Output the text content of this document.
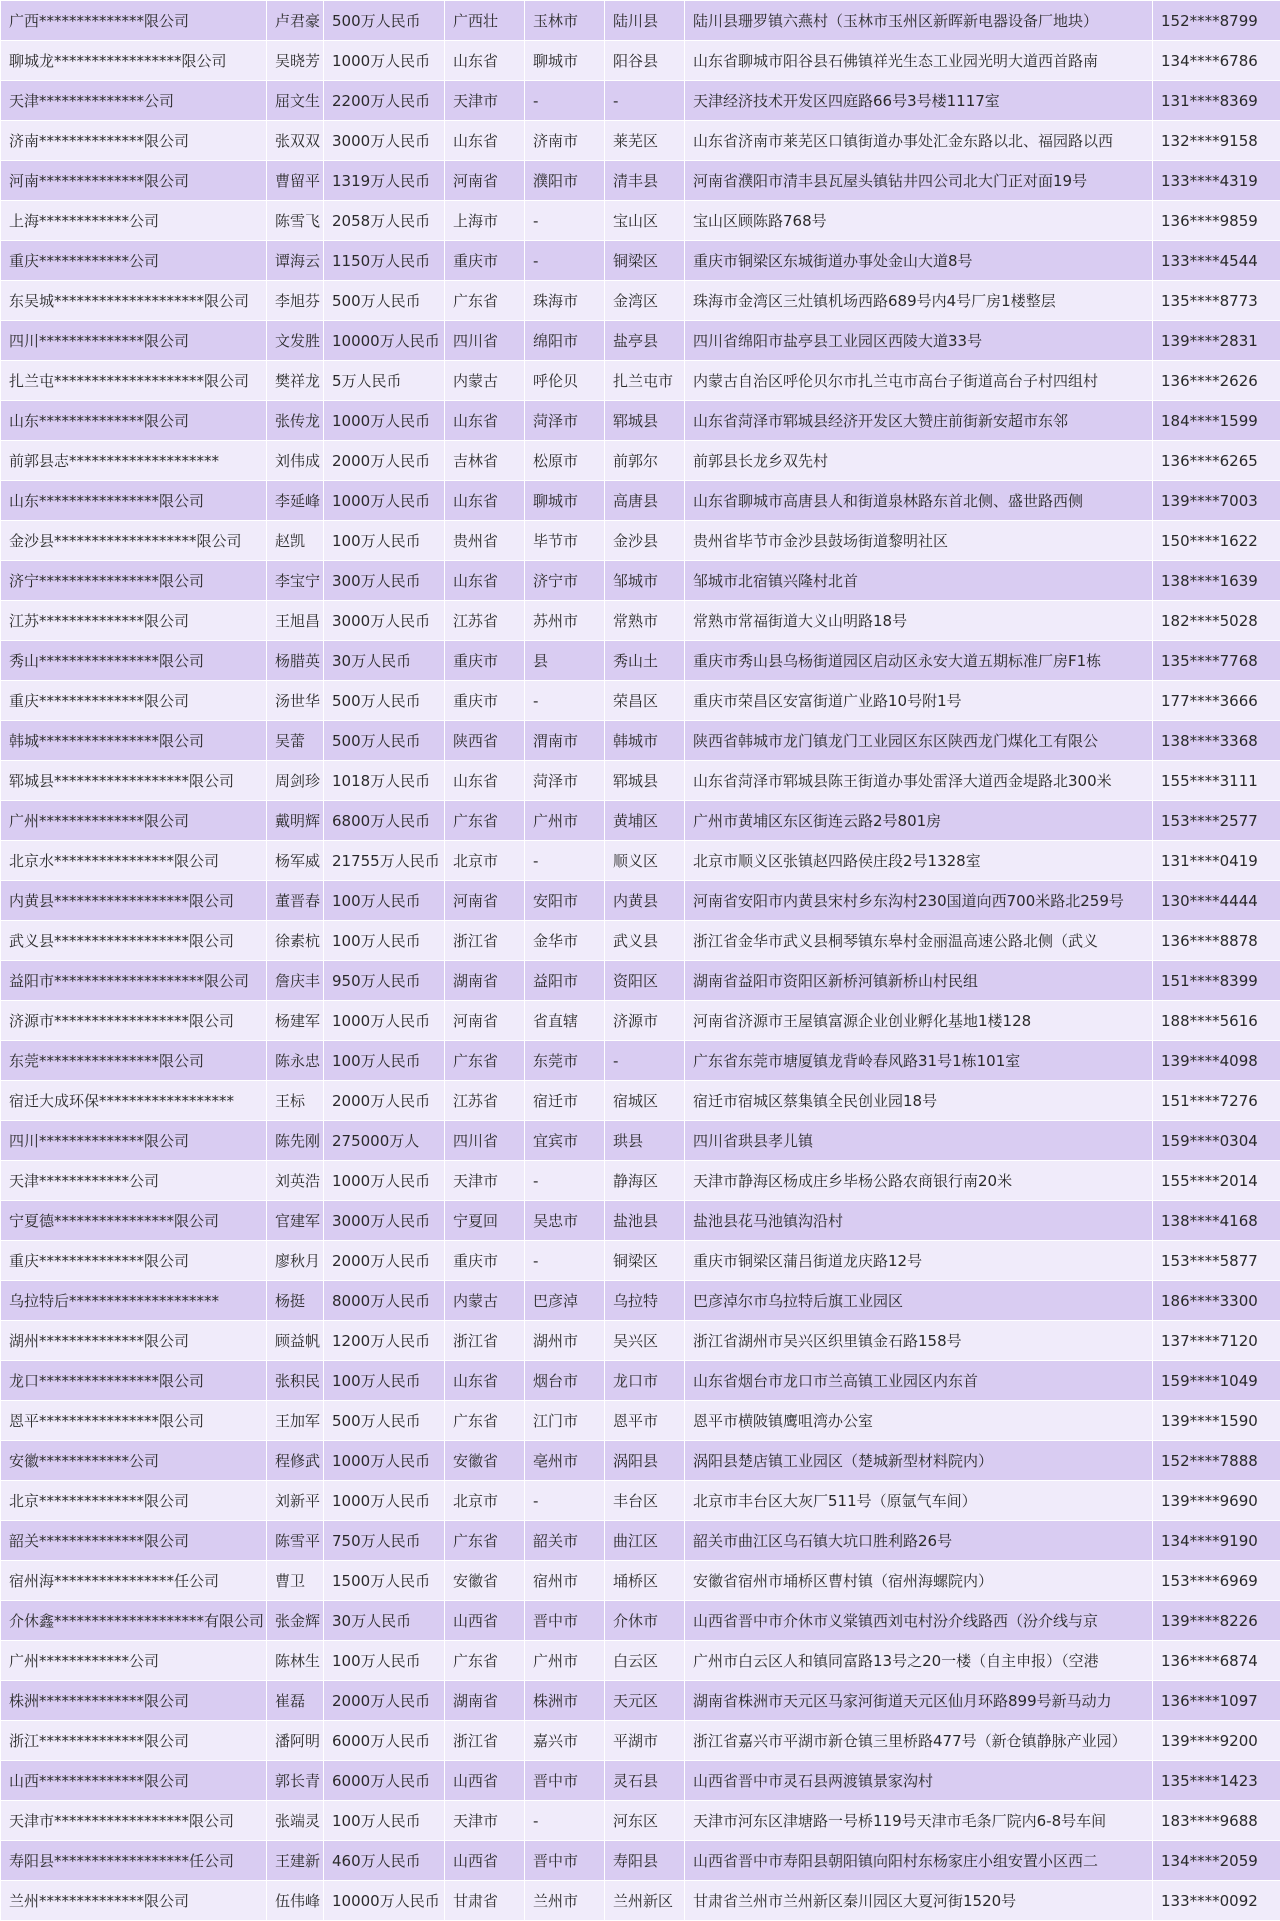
广西**************限公司	卢君豪	500万人民币	广西壮	玉林市	陆川县	陆川县珊罗镇六燕村（玉林市玉州区新晖新电器设备厂地块）	152****8799
聊城龙*****************限公司	吴晓芳	1000万人民币	山东省	聊城市	阳谷县	山东省聊城市阳谷县石佛镇祥光生态工业园光明大道西首路南	134****6786
天津**************公司	屈文生	2200万人民币	天津市	-	-	天津经济技术开发区四庭路66号3号楼1117室	131****8369
济南**************限公司	张双双	3000万人民币	山东省	济南市	莱芜区	山东省济南市莱芜区口镇街道办事处汇金东路以北、福园路以西	132****9158
河南**************限公司	曹留平	1319万人民币	河南省	濮阳市	清丰县	河南省濮阳市清丰县瓦屋头镇钻井四公司北大门正对面19号	133****4319
上海************公司	陈雪飞	2058万人民币	上海市	-	宝山区	宝山区顾陈路768号	136****9859
重庆************公司	谭海云	1150万人民币	重庆市	-	铜梁区	重庆市铜梁区东城街道办事处金山大道8号	133****4544
东吴城********************限公司	李旭芬	500万人民币	广东省	珠海市	金湾区	珠海市金湾区三灶镇机场西路689号内4号厂房1楼整层	135****8773
四川**************限公司	文发胜	10000万人民币	四川省	绵阳市	盐亭县	四川省绵阳市盐亭县工业园区西陵大道33号	139****2831
扎兰屯********************限公司	樊祥龙	5万人民币	内蒙古	呼伦贝	扎兰屯市	内蒙古自治区呼伦贝尔市扎兰屯市高台子街道高台子村四组村	136****2626
山东**************限公司	张传龙	1000万人民币	山东省	菏泽市	郓城县	山东省菏泽市郓城县经济开发区大赞庄前街新安超市东邻	184****1599
前郭县志********************	刘伟成	2000万人民币	吉林省	松原市	前郭尔	前郭县长龙乡双先村	136****6265
山东****************限公司	李延峰	1000万人民币	山东省	聊城市	高唐县	山东省聊城市高唐县人和街道泉林路东首北侧、盛世路西侧	139****7003
金沙县*******************限公司	赵凯	100万人民币	贵州省	毕节市	金沙县	贵州省毕节市金沙县鼓场街道黎明社区	150****1622
济宁****************限公司	李宝宁	300万人民币	山东省	济宁市	邹城市	邹城市北宿镇兴隆村北首	138****1639
江苏**************限公司	王旭昌	3000万人民币	江苏省	苏州市	常熟市	常熟市常福街道大义山明路18号	182****5028
秀山****************限公司	杨腊英	30万人民币	重庆市	县	秀山土	重庆市秀山县乌杨街道园区启动区永安大道五期标准厂房F1栋	135****7768
重庆**************限公司	汤世华	500万人民币	重庆市	-	荣昌区	重庆市荣昌区安富街道广业路10号附1号	177****3666
韩城****************限公司	吴蕾	500万人民币	陕西省	渭南市	韩城市	陕西省韩城市龙门镇龙门工业园区东区陕西龙门煤化工有限公	138****3368
郓城县******************限公司	周剑珍	1018万人民币	山东省	菏泽市	郓城县	山东省菏泽市郓城县陈王街道办事处雷泽大道西金堤路北300米	155****3111
广州**************限公司	戴明辉	6800万人民币	广东省	广州市	黄埔区	广州市黄埔区东区街连云路2号801房	153****2577
北京水****************限公司	杨军威	21755万人民币	北京市	-	顺义区	北京市顺义区张镇赵四路侯庄段2号1328室	131****0419
内黄县******************限公司	董晋春	100万人民币	河南省	安阳市	内黄县	河南省安阳市内黄县宋村乡东沟村230国道向西700米路北259号	130****4444
武义县******************限公司	徐素杭	100万人民币	浙江省	金华市	武义县	浙江省金华市武义县桐琴镇东皋村金丽温高速公路北侧（武义	136****8878
益阳市********************限公司	詹庆丰	950万人民币	湖南省	益阳市	资阳区	湖南省益阳市资阳区新桥河镇新桥山村民组	151****8399
济源市******************限公司	杨建军	1000万人民币	河南省	省直辖	济源市	河南省济源市王屋镇富源企业创业孵化基地1楼128	188****5616
东莞****************限公司	陈永忠	100万人民币	广东省	东莞市	-	广东省东莞市塘厦镇龙背岭春风路31号1栋101室	139****4098
宿迁大成环保******************	王标	2000万人民币	江苏省	宿迁市	宿城区	宿迁市宿城区蔡集镇全民创业园18号	151****7276
四川**************限公司	陈先刚	275000万人	四川省	宜宾市	珙县	四川省珙县孝儿镇	159****0304
天津************公司	刘英浩	1000万人民币	天津市	-	静海区	天津市静海区杨成庄乡毕杨公路农商银行南20米	155****2014
宁夏德****************限公司	官建军	3000万人民币	宁夏回	吴忠市	盐池县	盐池县花马池镇沟沿村	138****4168
重庆**************限公司	廖秋月	2000万人民币	重庆市	-	铜梁区	重庆市铜梁区蒲吕街道龙庆路12号	153****5877
乌拉特后********************	杨挺	8000万人民币	内蒙古	巴彦淖	乌拉特	巴彦淖尔市乌拉特后旗工业园区	186****3300
湖州**************限公司	顾益帆	1200万人民币	浙江省	湖州市	吴兴区	浙江省湖州市吴兴区织里镇金石路158号	137****7120
龙口****************限公司	张积民	100万人民币	山东省	烟台市	龙口市	山东省烟台市龙口市兰高镇工业园区内东首	159****1049
恩平****************限公司	王加军	500万人民币	广东省	江门市	恩平市	恩平市横陂镇鹰咀湾办公室	139****1590
安徽************公司	程修武	1000万人民币	安徽省	亳州市	涡阳县	涡阳县楚店镇工业园区（楚城新型材料院内）	152****7888
北京**************限公司	刘新平	1000万人民币	北京市	-	丰台区	北京市丰台区大灰厂511号（原氩气车间）	139****9690
韶关**************限公司	陈雪平	750万人民币	广东省	韶关市	曲江区	韶关市曲江区乌石镇大坑口胜利路26号	134****9190
宿州海****************任公司	曹卫	1500万人民币	安徽省	宿州市	埇桥区	安徽省宿州市埇桥区曹村镇（宿州海螺院内）	153****6969
介休鑫********************有限公司	张金辉	30万人民币	山西省	晋中市	介休市	山西省晋中市介休市义棠镇西刘屯村汾介线路西（汾介线与京	139****8226
广州************公司	陈林生	100万人民币	广东省	广州市	白云区	广州市白云区人和镇同富路13号之20一楼（自主申报）（空港	136****6874
株洲**************限公司	崔磊	2000万人民币	湖南省	株洲市	天元区	湖南省株洲市天元区马家河街道天元区仙月环路899号新马动力	136****1097
浙江**************限公司	潘阿明	6000万人民币	浙江省	嘉兴市	平湖市	浙江省嘉兴市平湖市新仓镇三里桥路477号（新仓镇静脉产业园）	139****9200
山西**************限公司	郭长青	6000万人民币	山西省	晋中市	灵石县	山西省晋中市灵石县两渡镇景家沟村	135****1423
天津市******************限公司	张端灵	100万人民币	天津市	-	河东区	天津市河东区津塘路一号桥119号天津市毛条厂院内6-8号车间	183****9688
寿阳县******************任公司	王建新	460万人民币	山西省	晋中市	寿阳县	山西省晋中市寿阳县朝阳镇向阳村东杨家庄小组安置小区西二	134****2059
兰州**************限公司	伍伟峰	10000万人民币	甘肃省	兰州市	兰州新区	甘肃省兰州市兰州新区秦川园区大夏河街1520号	133****0092
